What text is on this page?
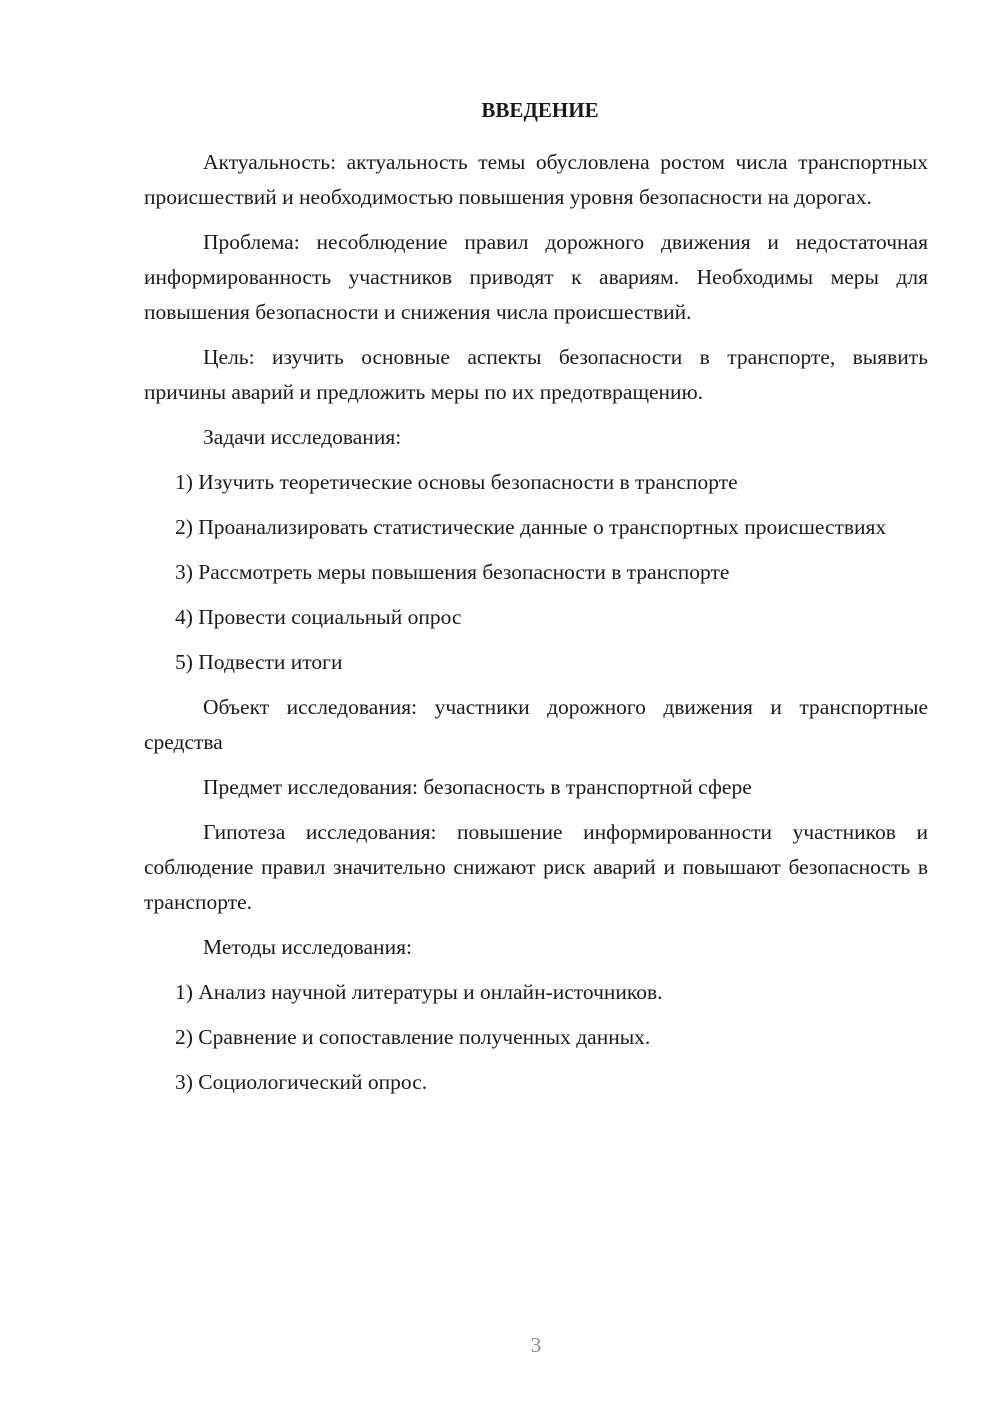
ВВЕДЕНИЕ
Актуальность: актуальность темы обусловлена ростом числа транспортных происшествий и необходимостью повышения уровня безопасности на дорогах.
Проблема: несоблюдение правил дорожного движения и недостаточная информированность участников приводят к авариям. Необходимы меры для повышения безопасности и снижения числа происшествий.
Цель: изучить основные аспекты безопасности в транспорте, выявить причины аварий и предложить меры по их предотвращению.
Задачи исследования:
1) Изучить теоретические основы безопасности в транспорте
2) Проанализировать статистические данные о транспортных происшествиях
3) Рассмотреть меры повышения безопасности в транспорте
4) Провести социальный опрос
5) Подвести итоги
Объект исследования: участники дорожного движения и транспортные средства
Предмет исследования: безопасность в транспортной сфере
Гипотеза исследования: повышение информированности участников и соблюдение правил значительно снижают риск аварий и повышают безопасность в транспорте.
Методы исследования:
1) Анализ научной литературы и онлайн-источников.
2) Сравнение и сопоставление полученных данных.
3) Социологический опрос.
3
